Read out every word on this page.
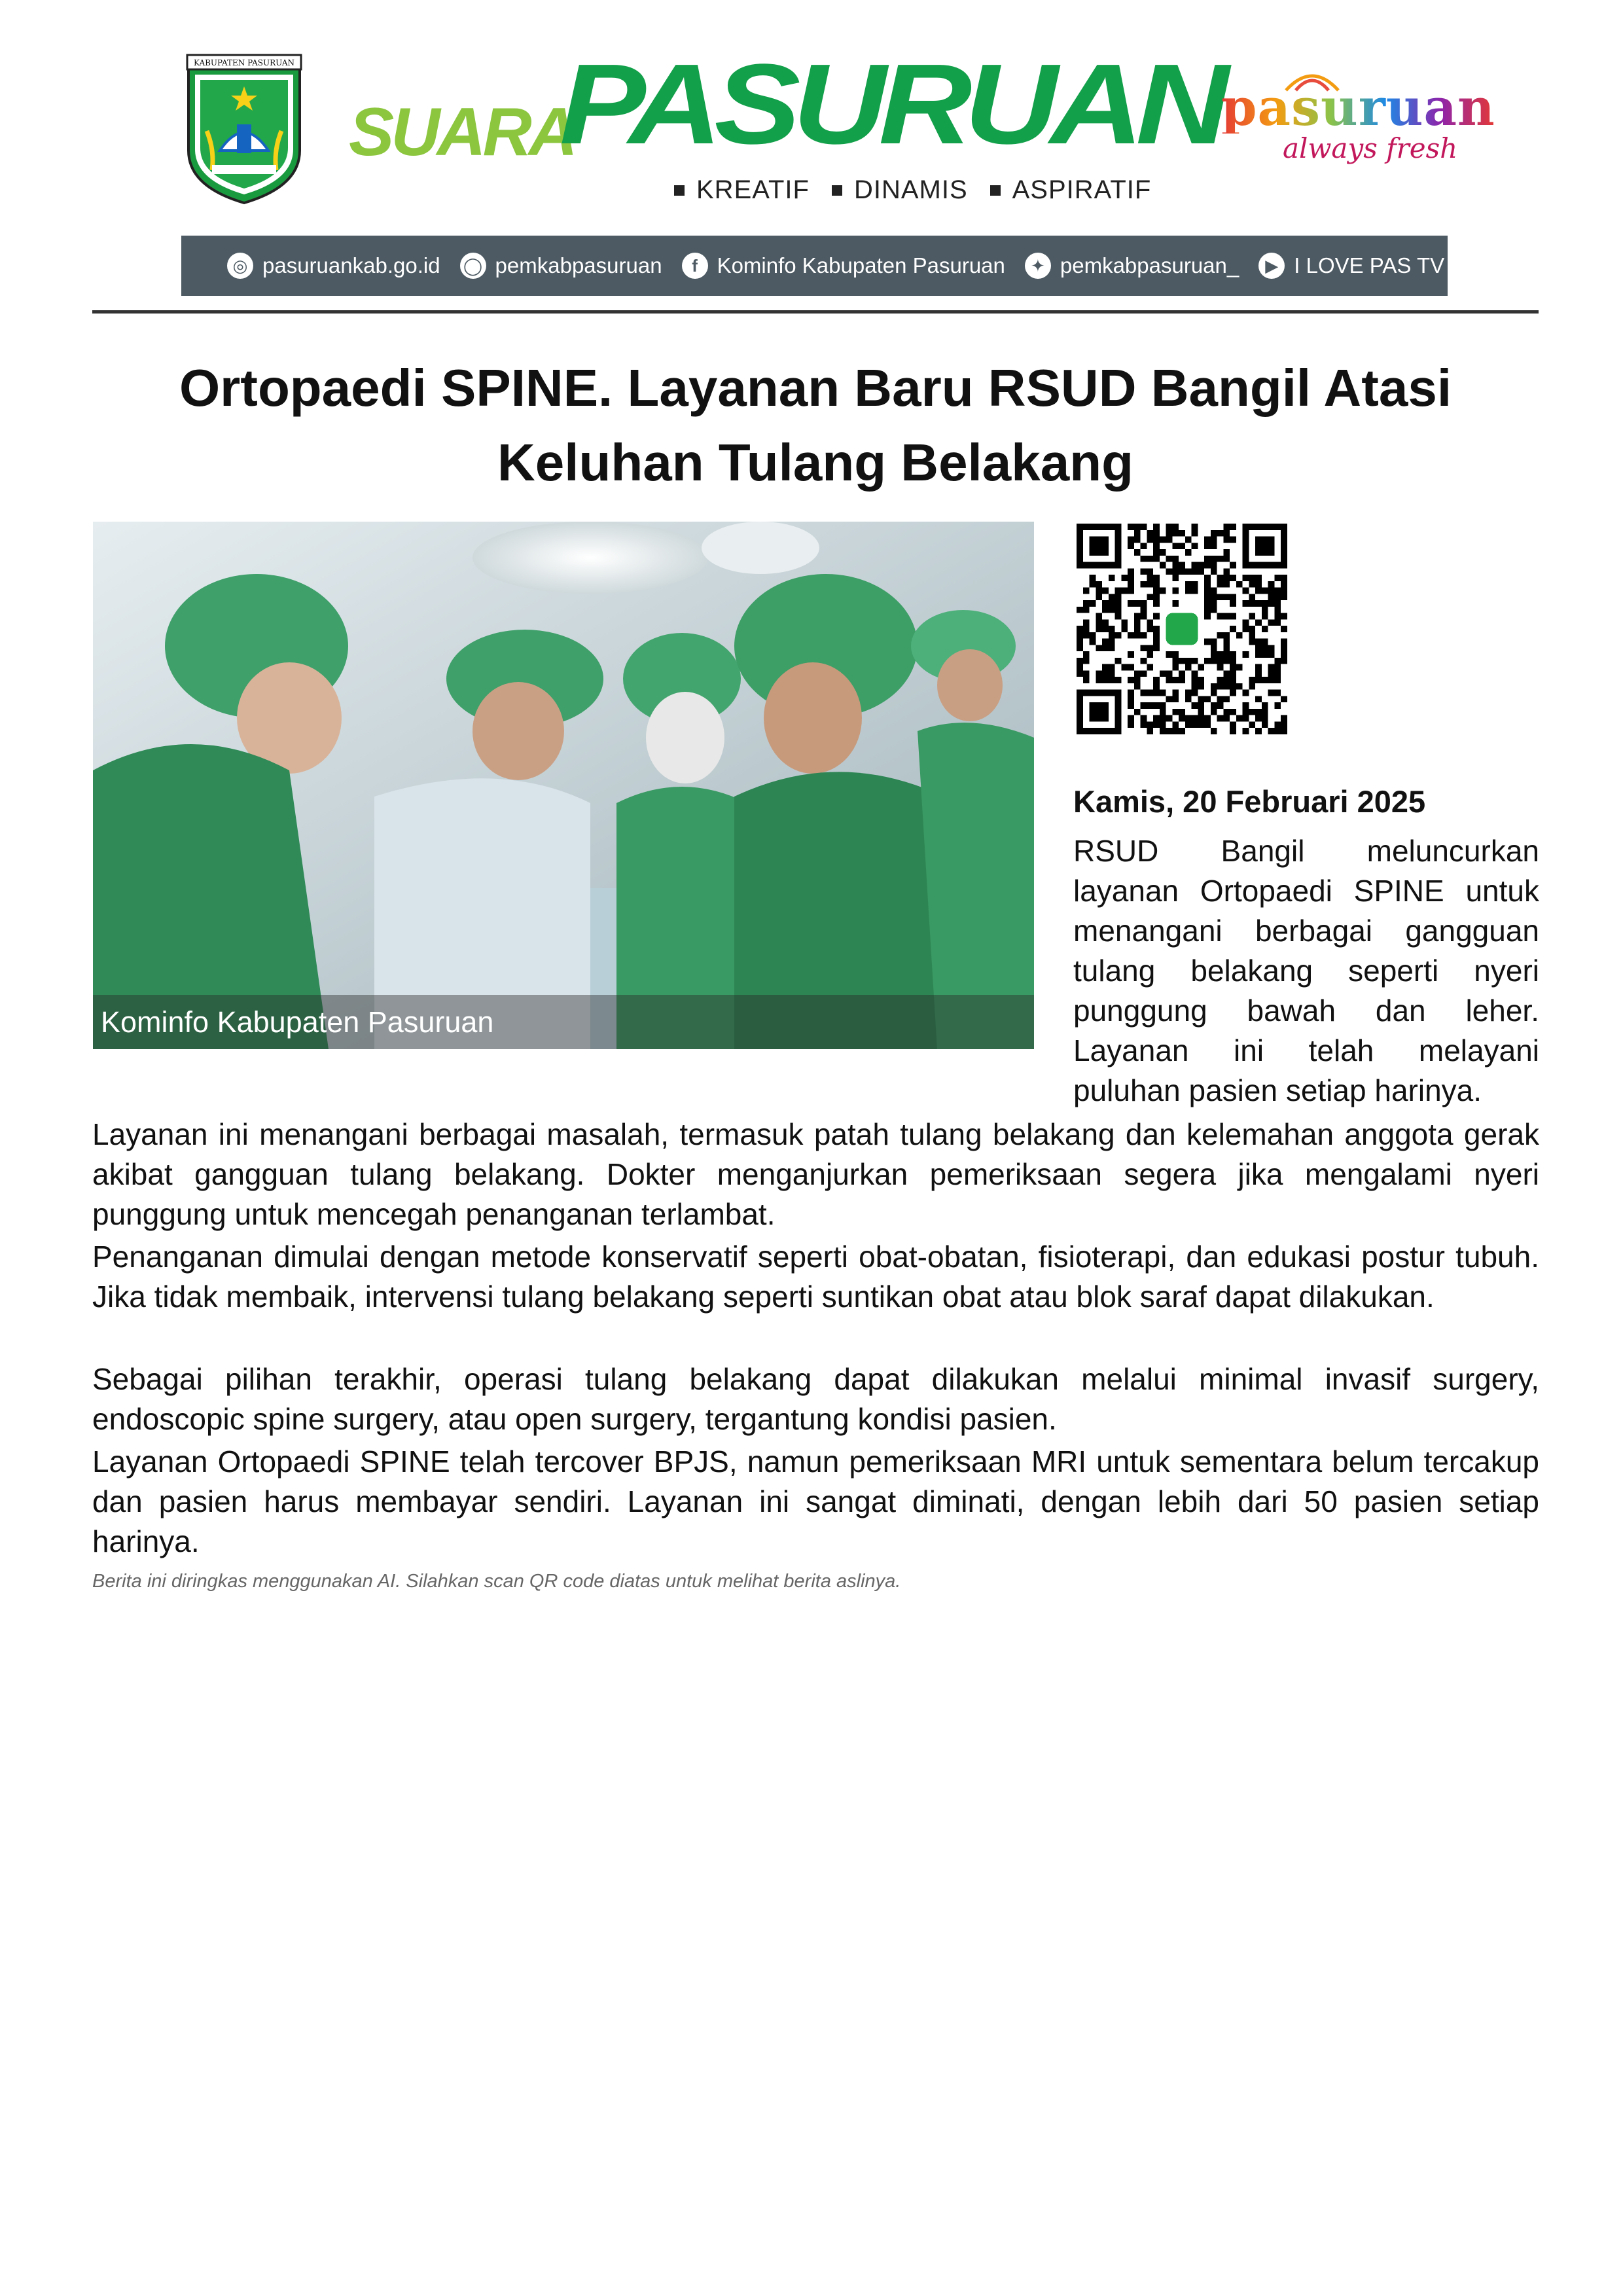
KABUPATEN PASURUAN
SUARA
PASURUAN
KREATIF DINAMIS ASPIRATIF
pasuruan
always fresh
◎ pasuruankab.go.id ◯ pemkabpasuruan	f Kominfo Kabupaten Pasuruan	✦ pemkabpasuruan_	▶ I LOVE PAS TV
Ortopaedi SPINE. Layanan Baru RSUD Bangil Atasi Keluhan Tulang Belakang
Kominfo Kabupaten Pasuruan
Kamis, 20 Februari 2025
RSUD Bangil meluncurkan layanan Ortopaedi SPINE untuk menangani berbagai gangguan tulang belakang seperti nyeri punggung bawah dan leher. Layanan ini telah melayani puluhan pasien setiap harinya.
Layanan ini menangani berbagai masalah, termasuk patah tulang belakang dan kelemahan anggota gerak akibat gangguan tulang belakang. Dokter menganjurkan pemeriksaan segera jika mengalami nyeri punggung untuk mencegah penanganan terlambat.
Penanganan dimulai dengan metode konservatif seperti obat-obatan, fisioterapi, dan edukasi postur tubuh. Jika tidak membaik, intervensi tulang belakang seperti suntikan obat atau blok saraf dapat dilakukan.
Sebagai pilihan terakhir, operasi tulang belakang dapat dilakukan melalui minimal invasif surgery, endoscopic spine surgery, atau open surgery, tergantung kondisi pasien.
Layanan Ortopaedi SPINE telah tercover BPJS, namun pemeriksaan MRI untuk sementara belum tercakup dan pasien harus membayar sendiri. Layanan ini sangat diminati, dengan lebih dari 50 pasien setiap harinya.
Berita ini diringkas menggunakan AI. Silahkan scan QR code diatas untuk melihat berita aslinya.
